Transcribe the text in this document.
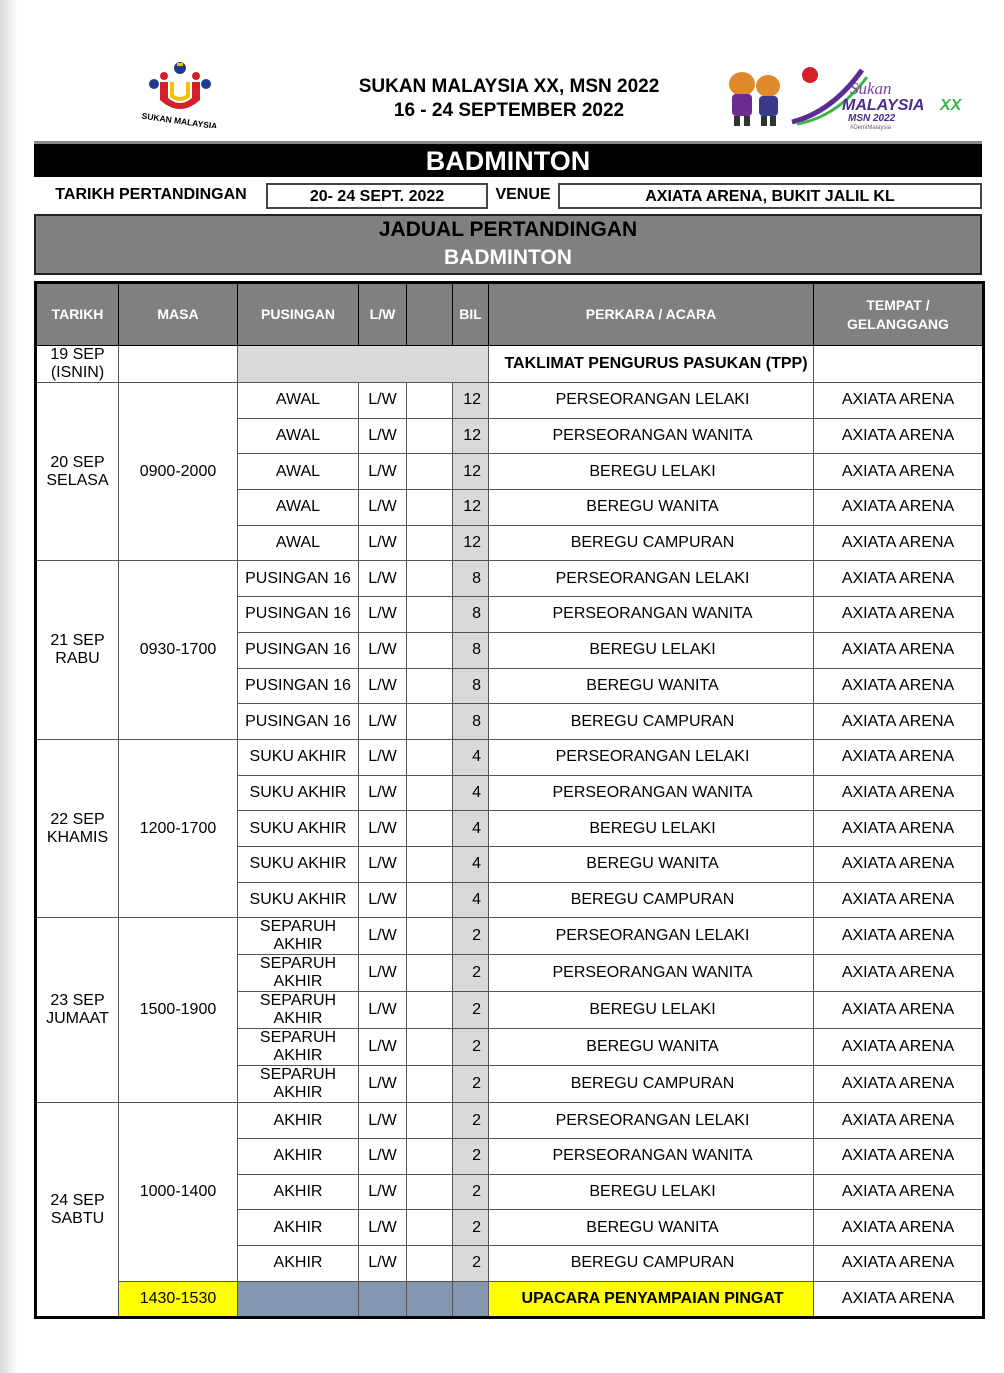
SUKAN MALAYSIA
SUKAN MALAYSIA XX, MSN 2022
16 - 24 SEPTEMBER 2022
Sukan
MALAYSIA XX
MSN 2022
#DemiMalaysia
BADMINTON
TARIKH PERTANDINGAN	20- 24 SEPT. 2022	VENUE	AXIATA ARENA, BUKIT JALIL KL
JADUAL PERTANDINGAN
BADMINTON
TARIKH	MASA	PUSINGAN	L/W		BIL	PERKARA / ACARA	TEMPAT / GELANGGANG
19 SEP (ISNIN)						TAKLIMAT PENGURUS PASUKAN (TPP)	
20 SEP SELASA	0900-2000	AWAL	L/W		12	PERSEORANGAN LELAKI	AXIATA ARENA
		AWAL	L/W		12	PERSEORANGAN WANITA	AXIATA ARENA
		AWAL	L/W		12	BEREGU LELAKI	AXIATA ARENA
		AWAL	L/W		12	BEREGU WANITA	AXIATA ARENA
		AWAL	L/W		12	BEREGU CAMPURAN	AXIATA ARENA
21 SEP RABU	0930-1700	PUSINGAN 16	L/W		8	PERSEORANGAN LELAKI	AXIATA ARENA
		PUSINGAN 16	L/W		8	PERSEORANGAN WANITA	AXIATA ARENA
		PUSINGAN 16	L/W		8	BEREGU LELAKI	AXIATA ARENA
		PUSINGAN 16	L/W		8	BEREGU WANITA	AXIATA ARENA
		PUSINGAN 16	L/W		8	BEREGU CAMPURAN	AXIATA ARENA
22 SEP KHAMIS	1200-1700	SUKU AKHIR	L/W		4	PERSEORANGAN LELAKI	AXIATA ARENA
		SUKU AKHIR	L/W		4	PERSEORANGAN WANITA	AXIATA ARENA
		SUKU AKHIR	L/W		4	BEREGU LELAKI	AXIATA ARENA
		SUKU AKHIR	L/W		4	BEREGU WANITA	AXIATA ARENA
		SUKU AKHIR	L/W		4	BEREGU CAMPURAN	AXIATA ARENA
23 SEP JUMAAT	1500-1900	SEPARUH AKHIR	L/W		2	PERSEORANGAN LELAKI	AXIATA ARENA
		SEPARUH AKHIR	L/W		2	PERSEORANGAN WANITA	AXIATA ARENA
		SEPARUH AKHIR	L/W		2	BEREGU LELAKI	AXIATA ARENA
		SEPARUH AKHIR	L/W		2	BEREGU WANITA	AXIATA ARENA
		SEPARUH AKHIR	L/W		2	BEREGU CAMPURAN	AXIATA ARENA
24 SEP SABTU	1000-1400	AKHIR	L/W		2	PERSEORANGAN LELAKI	AXIATA ARENA
		AKHIR	L/W		2	PERSEORANGAN WANITA	AXIATA ARENA
		AKHIR	L/W		2	BEREGU LELAKI	AXIATA ARENA
		AKHIR	L/W		2	BEREGU WANITA	AXIATA ARENA
		AKHIR	L/W		2	BEREGU CAMPURAN	AXIATA ARENA
	1430-1530					UPACARA PENYAMPAIAN PINGAT	AXIATA ARENA
